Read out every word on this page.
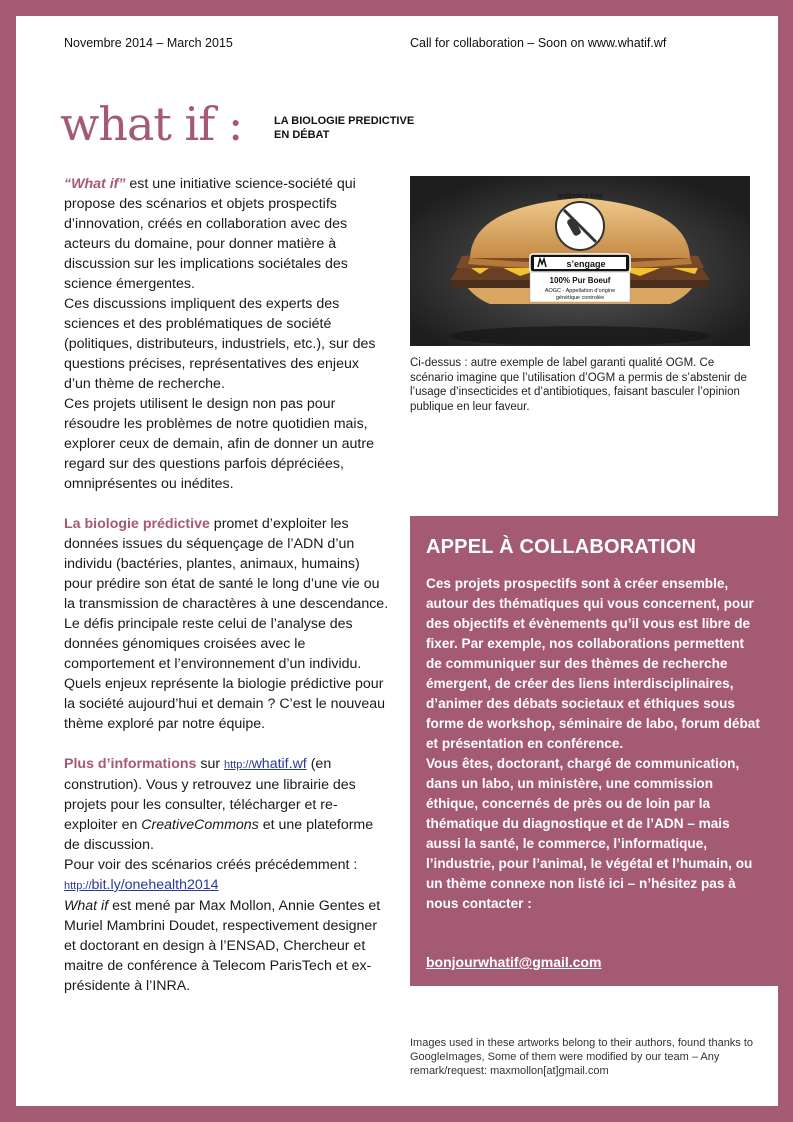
Novembre 2014 – March 2015	Call for collaboration – Soon on www.whatif.wf
what if :	LA BIOLOGIE PREDICTIVE
EN DÉBAT

“What if” est une initiative science-société qui propose des scénarios et objets prospectifs d’innovation, créés en collaboration avec des acteurs du domaine, pour donner matière à discussion sur les implications sociétales des science émergentes.

Ces discussions impliquent des experts des sciences et des problématiques de société (politiques, distributeurs, industriels, etc.), sur des questions précises, représentatives des enjeux d’un thème de recherche.

Ces projets utilisent le design non pas pour résoudre les problèmes de notre quotidien mais, explorer ceux de demain, afin de donner un autre regard sur des questions parfois dépréciées, omniprésentes ou inédites.

La biologie prédictive promet d’exploiter les données issues du séquençage de l’ADN d’un individu (bactéries, plantes, animaux, humains) pour prédire son état de santé le long d’une vie ou la transmission de charactères à une descendance.

Le défis principale reste celui de l’analyse des données génomiques croisées avec le comportement et l’environnement d’un individu. Quels enjeux représente la biologie prédictive pour la société aujourd’hui et demain ? C’est le nouveau thème exploré par notre équipe.

Plus d’informations sur http://whatif.wf (en constrution). Vous y retrouvez une librairie des projets pour les consulter, télécharger et re-exploiter en CreativeCommons et une plateforme de discussion.

Pour voir des scénarios créés précédemment :

http://bit.ly/onehealth2014

What if est mené par Max Mollon, Annie Gentes et Muriel Mambrini Doudet, respectivement designer et doctorant en design à l’ENSAD, Chercheur et maitre de conférence à Telecom ParisTech et ex-présidente à l’INRA.

antibiotics-free
s’engage
100% Pur Boeuf
AOGC - Appellation d’origine
génétique controlée
Ci-dessus : autre exemple de label garanti qualité OGM. Ce scénario imagine que l’utilisation d’OGM a permis de s’abstenir de l’usage d’insecticides et d’antibiotiques, faisant basculer l’opinion publique en leur faveur.
APPEL À COLLABORATION

Ces projets prospectifs sont à créer ensemble, autour des thématiques qui vous concernent, pour des objectifs et évènements qu’il vous est libre de fixer. Par exemple, nos collaborations permettent de communiquer sur des thèmes de recherche émergent, de créer des liens interdisciplinaires, d’animer des débats societaux et éthiques sous forme de workshop, séminaire de labo, forum débat et présentation en conférence.

Vous êtes, doctorant, chargé de communication, dans un labo, un ministère, une commission éthique, concernés de près ou de loin par la thématique du diagnostique et de l’ADN – mais aussi la santé, le commerce, l’informatique, l’industrie, pour l’animal, le végétal et l’humain, ou un thème connexe non listé ici – n’hésitez pas à nous contacter :

bonjourwhatif@gmail.com
Images used in these artworks belong to their authors, found thanks to GoogleImages, Some of them were modified by our team – Any remark/request: maxmollon[at]gmail.com
